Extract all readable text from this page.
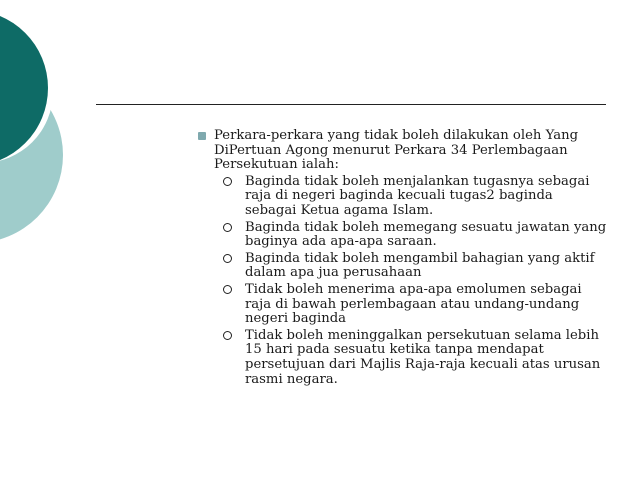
Perkara-perkara yang tidak boleh dilakukan oleh Yang DiPertuan Agong menurut Perkara 34 Perlembagaan Persekutuan ialah:
Baginda tidak boleh menjalankan tugasnya sebagai raja di negeri baginda kecuali tugas2 baginda sebagai Ketua agama Islam.
Baginda tidak boleh memegang sesuatu jawatan yang baginya ada apa-apa saraan.
Baginda tidak boleh mengambil bahagian yang aktif dalam apa jua perusahaan
Tidak boleh menerima apa-apa emolumen sebagai raja di bawah perlembagaan atau undang-undang negeri baginda
Tidak boleh meninggalkan persekutuan selama lebih 15 hari pada sesuatu ketika tanpa mendapat persetujuan dari Majlis Raja-raja kecuali atas urusan rasmi negara.
